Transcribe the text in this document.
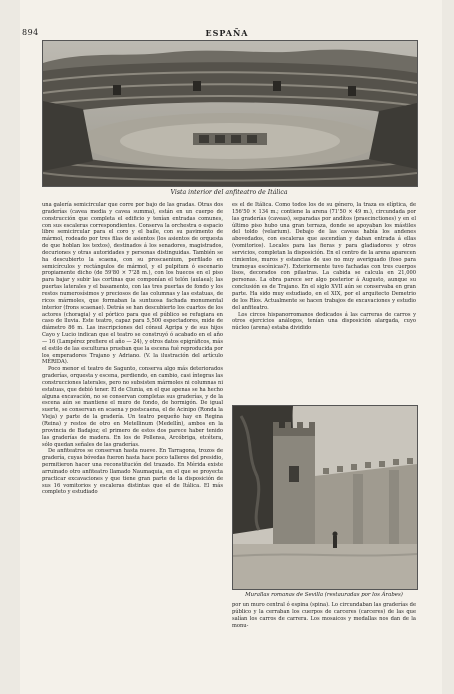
894	ESPAÑA
Vista interior del anfiteatro de Itálica

una galería semicircular que corre por bajo de las gradas. Otras dos graderías (cavea media y cavea summa), están en un cuerpo de construcción que completa el edificio y tenían entradas comunes, con sus escaleras correspondientes. Conserva la orchestra o espacio libre semicircular para el coro y el baile, con su pavimento de mármol, rodeado por tres filas de asientos (los asientos de orquesta de que hoblan los textos), destinados á los senadores, magistrados, decuriones y otras autoridades y personas distinguidas. También se ha descubierto la scaena, con su proscaenium, perfilado en semicírculos y rectángulos de mármol, y el pulpitum ó escenario propiamente dicho (de 59'80 × 7'28 m.), con los huecos en el piso para bajar y subir las cortinas que componían el telón (aulaea); las puertas laterales y el basamento, con las tres puertas de fondo y los restos numerosísimos y preciosos de las columnas y las estatuas, de ricos mármoles, que formaban la suntuosa fachada monumental interior (frons scaenae). Detrás se han descubierto los cuartos de los actores (choragia) y el pórtico para que el público se refugiara en caso de lluvia. Este teatro, capaz para 5,500 espectadores, mide de diámetro 86 m. Las inscripciones del cónsul Agripa y de sus hijos Cayo y Lucio indican que el teatro se construyó ó acabado en el año — 16 (Lampérez prefiere el año — 24), y otros datos epigráficos, más el estilo de las esculturas prueban que la escena fué reproducida por los emperadores Trajano y Adriano. (V. la ilustración del artículo MÉRIDA).

Poco menor el teatro de Sagunto, conserva algo más deteriorados graderías, orquesta y escena, perdiendo, en cambio, casi íntegras las construcciones laterales, pero no subsisten mármoles ni columnas ni estatuas, que debió tener. El de Clunia, en el que apenas se ha hecho alguna excavación, no se conservan completas sus graderías, y de la escena aún se mantiene el muro de fondo, de hormigón. De igual suerte, se conservan en scaena y postscaena, el de Acinipo (Ronda la Vieja) y parte de la gradería. Un teatro pequeño hay en Regina (Reina) y restos de otro en Metellinum (Medellín), ambos en la provincia de Badajoz; el primero de estos dos parece haber tenido las graderías de madera. En los de Pollensa, Arcóbriga, etcétera, sólo quedan señales de las graderías.

De anfiteatros se conservan hasta nueve. En Tarragona, trozos de gradería, cuyas bóvedas fueron hasta hace poco talleres del presidio, permitieron hacer una reconstitución del trazado. En Mérida existe arruinado otro anfiteatro llamado Naumaquia, en el que se proyecta practicar excavaciones y que tiene gran parte de la disposición de sus 16 vomitorios y escaleras distintas que el de Itálica. El más completo y estudiado

es el de Itálica. Como todos los de su género, la traza es elíptica, de 156'50 × 134 m.; contiene la arena (71'50 × 49 m.), circundada por las graderías (caveas), separadas por andítos (praecinctiones) y en el último piso hubo una gran terraza, donde se apoyaban los mástiles del toldo (velarium). Debajo de las caveas había los andenes abovedados, con escaleras que ascendían y daban entrada á ellas (vomitorios). Locales para las fieras y para gladiadores y otros servicios, completan la disposición. En el centro de la arena aparecen cimientos, muros y estancias de uso no muy averiguado (foso para tramoyas escénicas?). Exteriormente tuvo fachadas con tres cuerpos lisos, decorados con pilastras. La cabida se calcula en 21,000 personas. La obra parece ser algo posterior á Augusto, aunque su conclusión es de Trajano. En el siglo XVII aún se conservaba en gran parte. Ha sido muy estudiado, en el XIX, por el arquitecto Demetrio de los Ríos. Actualmente se hacen trabajos de excavaciones y estudio del anfiteatro.

Los circos hispanorromanos dedicados á las carreras de carros y otros ejercicios análogos, tenían una disposición alargada, cuyo núcleo (arena) estaba dividido

Murallas romanas de Sevilla (restauradas por los Árabes)

por un muro central ó espina (spina). Lo circundaban las graderías de público y la cerraban los cuerpos de carceres (carceres) de las que salían los carros de carrera. Los mosaicos y medallas nos dan de la monu-
